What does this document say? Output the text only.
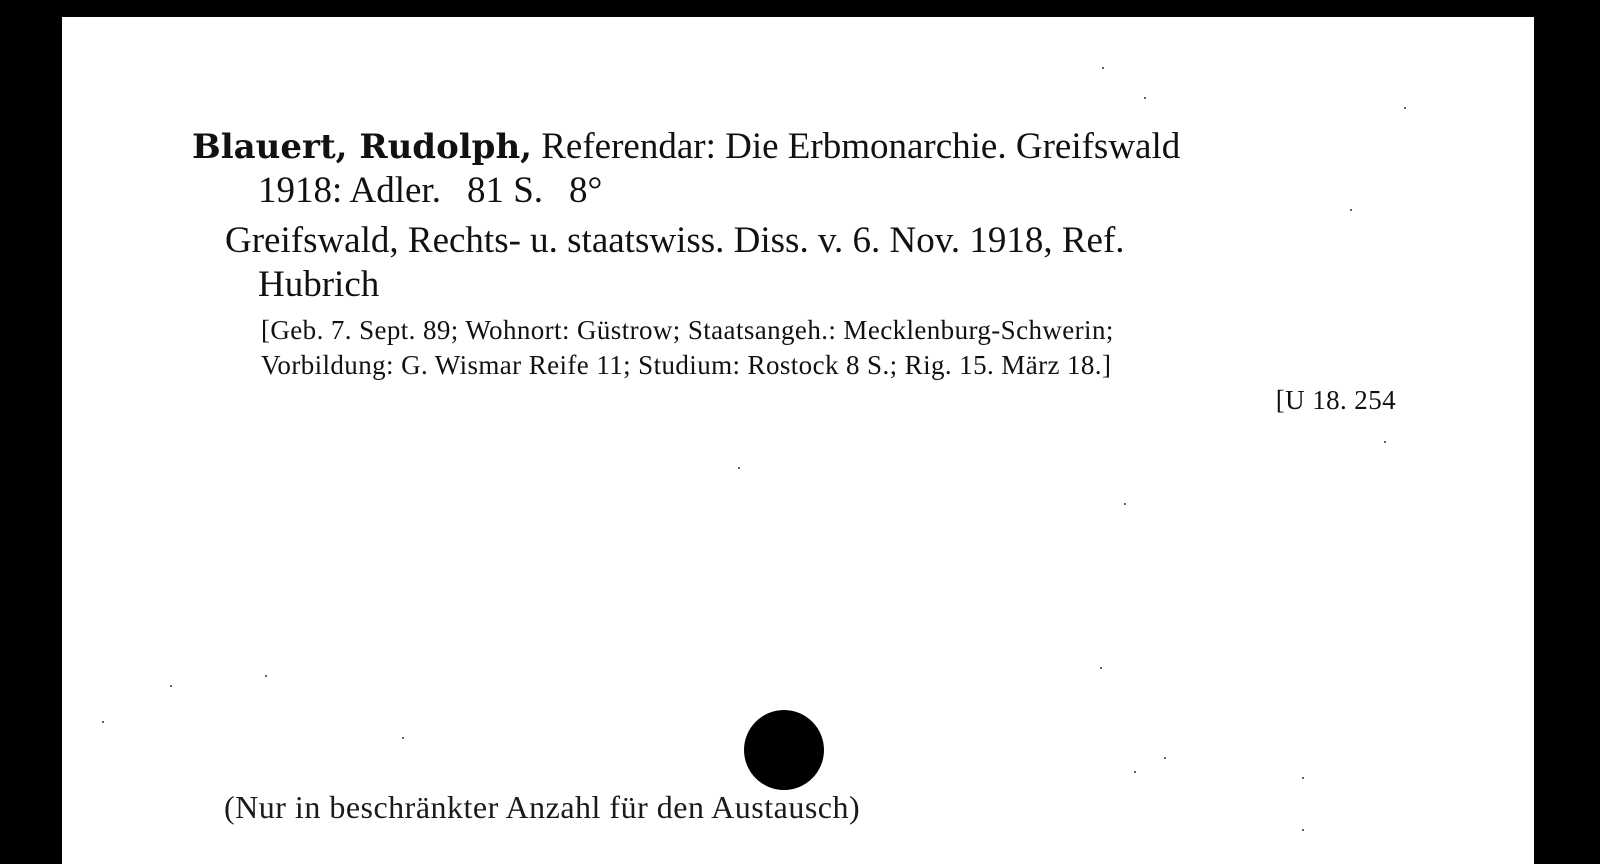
Blauert, Rudolph, Referendar: Die Erbmonarchie. Greifswald
1918: Adler. 81 S. 8°
Greifswald, Rechts- u. staatswiss. Diss. v. 6. Nov. 1918, Ref.
Hubrich
[Geb. 7. Sept. 89; Wohnort: Güstrow; Staatsangeh.: Mecklenburg-Schwerin;
Vorbildung: G. Wismar Reife 11; Studium: Rostock 8 S.; Rig. 15. März 18.]
[U 18. 254
(Nur in beschränkter Anzahl für den Austausch)
